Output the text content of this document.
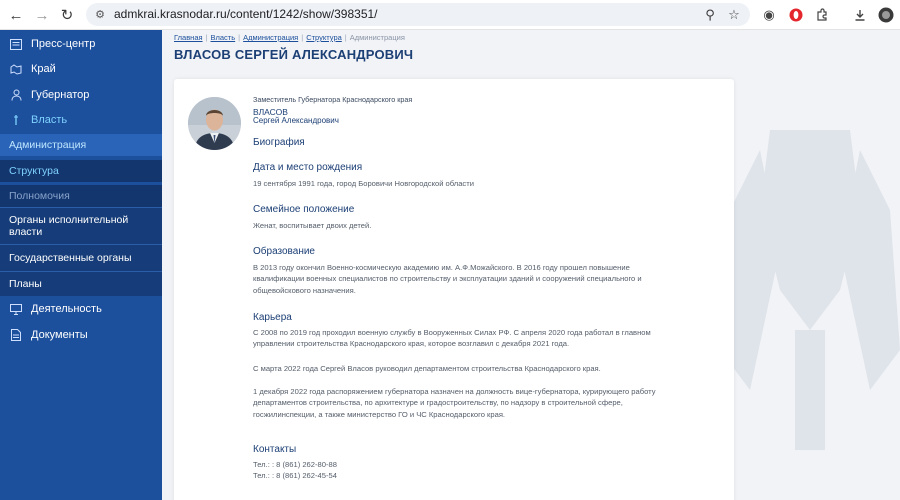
← → ↻	⚙ admkrai.krasnodar.ru/content/1242/show/398351/	⚲ ☆ ◉
Пресс-центр
Край
Губернатор
Власть
Администрация
Структура
Полномочия
Органы исполнительной власти
Государственные органы
Планы
Деятельность
Документы
Главная | Власть | Администрация | Структура | Администрация
ВЛАСОВ СЕРГЕЙ АЛЕКСАНДРОВИЧ
Заместитель Губернатора Краснодарского края
ВЛАСОВ
Сергей Александрович
Биография
Дата и место рождения
19 сентября 1991 года, город Боровичи Новгородской области
Семейное положение
Женат, воспитывает двоих детей.
Образование
В 2013 году окончил Военно-космическую академию им. А.Ф.Можайского. В 2016 году прошел повышение квалификации военных специалистов по строительству и эксплуатации зданий и сооружений специального и общевойскового назначения.
Карьера
С 2008 по 2019 год проходил военную службу в Вооруженных Силах РФ. С апреля 2020 года работал в главном управлении строительства Краснодарского края, которое возглавил с декабря 2021 года.
С марта 2022 года Сергей Власов руководил департаментом строительства Краснодарского края.
1 декабря 2022 года распоряжением губернатора назначен на должность вице-губернатора, курирующего работу департаментов строительства, по архитектуре и градостроительству, по надзору в строительной сфере, госжилинспекции, а также министерство ГО и ЧС Краснодарского края.
Контакты
Тел.: : 8 (861) 262-80-88
Тел.: : 8 (861) 262-45-54
